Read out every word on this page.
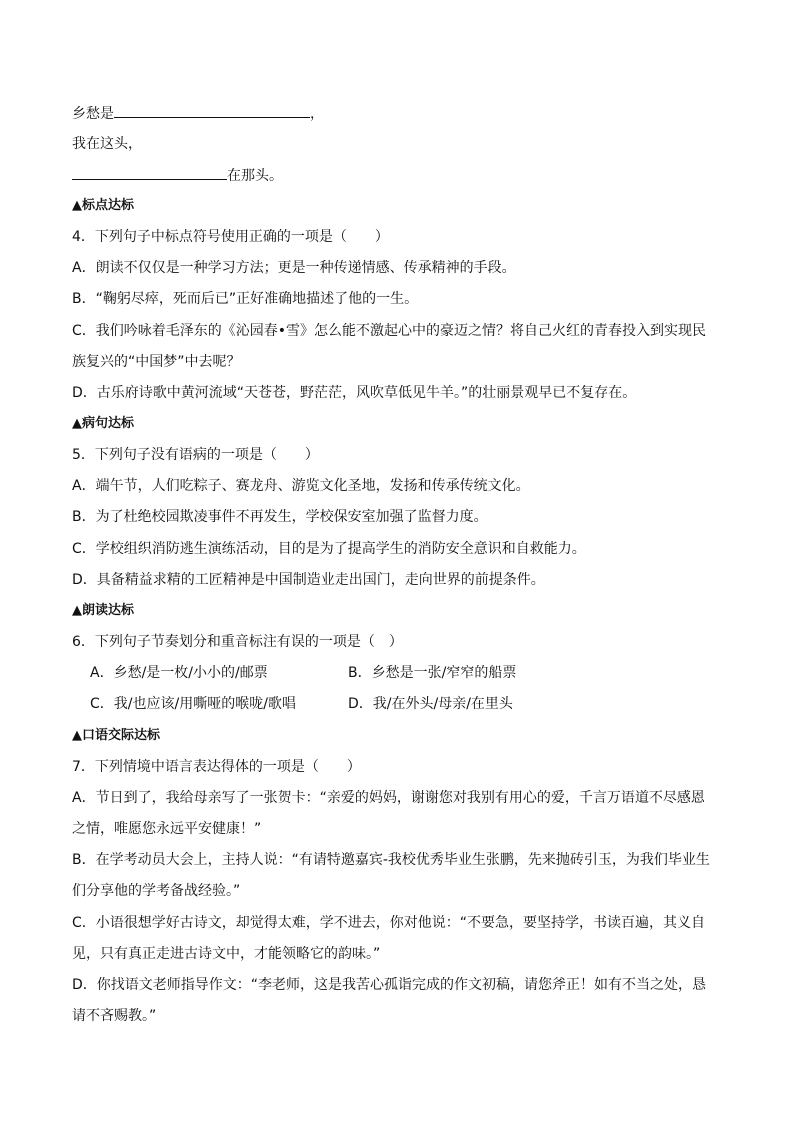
乡愁是	，
我在这头，
在那头。
▲标点达标
4．下列句子中标点符号使用正确的一项是（　　）
A．朗读不仅仅是一种学习方法；更是一种传递情感、传承精神的手段。
B．“鞠躬尽瘁，死而后已”正好准确地描述了他的一生。
C．我们吟咏着毛泽东的《沁园春•雪》怎么能不激起心中的豪迈之情？将自己火红的青春投入到实现民
族复兴的“中国梦”中去呢？
D．古乐府诗歌中黄河流域“天苍苍，野茫茫，风吹草低见牛羊。”的壮丽景观早已不复存在。
▲病句达标
5．下列句子没有语病的一项是（　　）
A．端午节，人们吃粽子、赛龙舟、游览文化圣地，发扬和传承传统文化。
B．为了杜绝校园欺凌事件不再发生，学校保安室加强了监督力度。
C．学校组织消防逃生演练活动，目的是为了提高学生的消防安全意识和自救能力。
D．具备精益求精的工匠精神是中国制造业走出国门，走向世界的前提条件。
▲朗读达标
6．下列句子节奏划分和重音标注有误的一项是（　）
A．乡愁/是一枚/小小的/邮票	B．乡愁是一张/窄窄的船票
C．我/也应该/用嘶哑的喉咙/歌唱	D．我/在外头/母亲/在里头
▲口语交际达标
7．下列情境中语言表达得体的一项是（　　）
A．节日到了，我给母亲写了一张贺卡：“亲爱的妈妈，谢谢您对我别有用心的爱，千言万语道不尽感恩
之情，唯愿您永远平安健康！”
B．在学考动员大会上，主持人说：“有请特邀嘉宾-我校优秀毕业生张鹏，先来抛砖引玉，为我们毕业生
们分享他的学考备战经验。”
C．小语很想学好古诗文，却觉得太难，学不进去，你对他说：“不要急，要坚持学，书读百遍，其义自
见，只有真正走进古诗文中，才能领略它的韵味。”
D．你找语文老师指导作文：“李老师，这是我苦心孤诣完成的作文初稿，请您斧正！如有不当之处，恳
请不吝赐教。”
